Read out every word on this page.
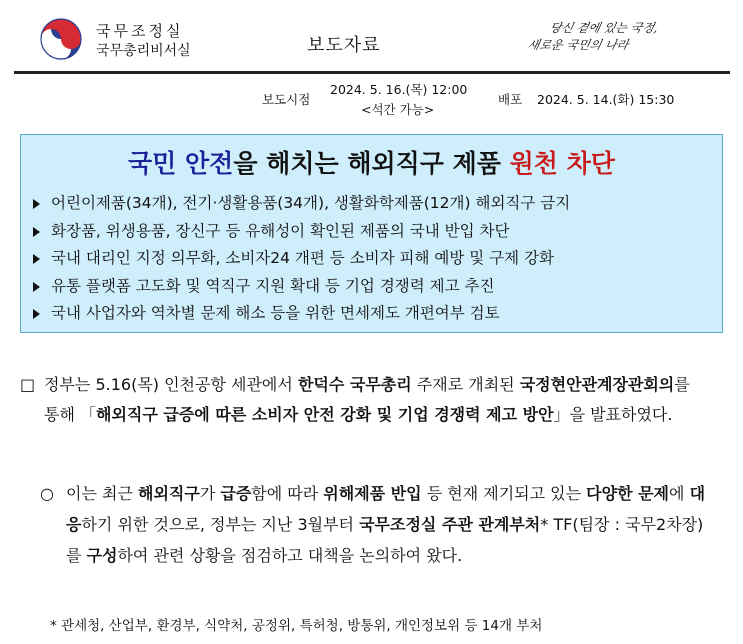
국무조정실
국무총리비서실	보도자료
당신 곁에 있는 국정,
새로운 국민의 나라
보도시점
2024. 5. 16.(목) 12:00
<석간 가능>
배포 2024. 5. 14.(화) 15:30
국민 안전을 해치는 해외직구 제품 원천 차단
어린이제품(34개), 전기·생활용품(34개), 생활화학제품(12개) 해외직구 금지
화장품, 위생용품, 장신구 등 유해성이 확인된 제품의 국내 반입 차단
국내 대리인 지정 의무화, 소비자24 개편 등 소비자 피해 예방 및 구제 강화
유통 플랫폼 고도화 및 역직구 지원 확대 등 기업 경쟁력 제고 추진
국내 사업자와 역차별 문제 해소 등을 위한 면세제도 개편여부 검토
□ 정부는 5.16(목) 인천공항 세관에서 한덕수 국무총리 주재로 개최된 국정현안관계장관회의를 통해 「해외직구 급증에 따른 소비자 안전 강화 및 기업 경쟁력 제고 방안」을 발표하였다.
○ 이는 최근 해외직구가 급증함에 따라 위해제품 반입 등 현재 제기되고 있는 다양한 문제에 대응하기 위한 것으로, 정부는 지난 3월부터 국무조정실 주관 관계부처* TF(팀장 : 국무2차장)를 구성하여 관련 상황을 점검하고 대책을 논의하여 왔다.
* 관세청, 산업부, 환경부, 식약처, 공정위, 특허청, 방통위, 개인정보위 등 14개 부처
